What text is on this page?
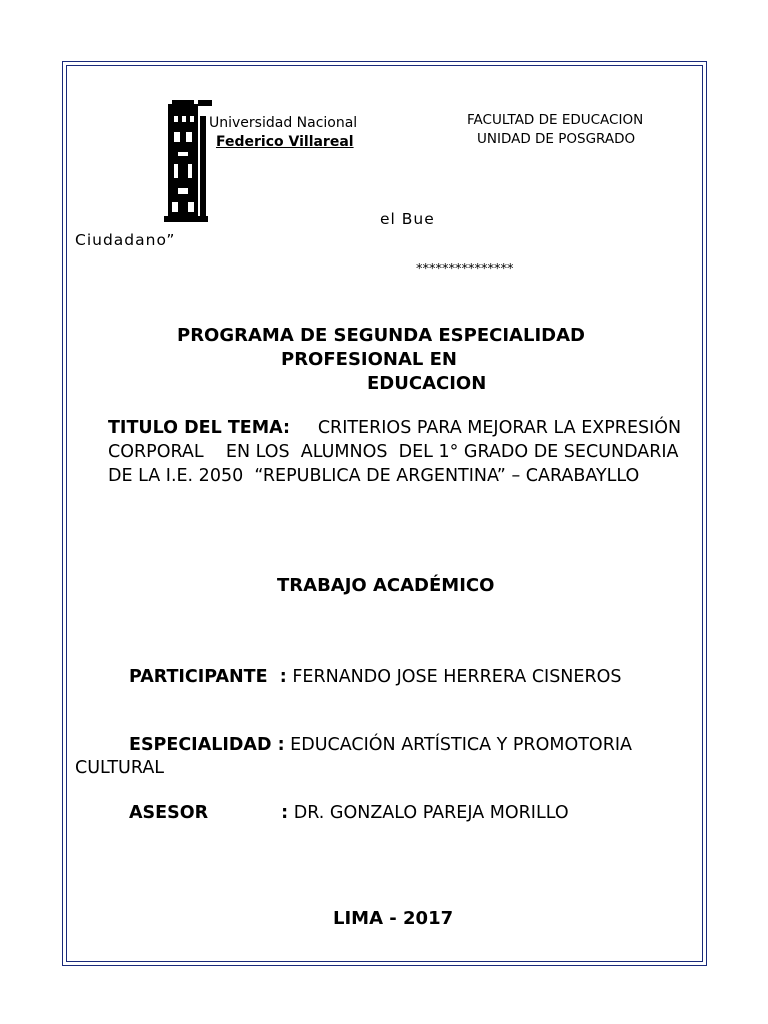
Universidad Nacional
Federico Villareal
FACULTAD DE EDUCACION
UNIDAD DE POSGRADO
el Bue
Ciudadano”
***************
PROGRAMA DE SEGUNDA ESPECIALIDAD
PROFESIONAL EN
EDUCACION
TITULO DEL TEMA: CRITERIOS PARA MEJORAR LA EXPRESIÓN CORPORAL    EN LOS  ALUMNOS  DEL 1° GRADO DE SECUNDARIA DE LA I.E. 2050  “REPUBLICA DE ARGENTINA” – CARABAYLLO
TRABAJO ACADÉMICO
PARTICIPANTE  : FERNANDO JOSE HERRERA CISNEROS
ESPECIALIDAD : EDUCACIÓN ARTÍSTICA Y PROMOTORIA CULTURAL
ASESOR            : DR. GONZALO PAREJA MORILLO
LIMA - 2017
